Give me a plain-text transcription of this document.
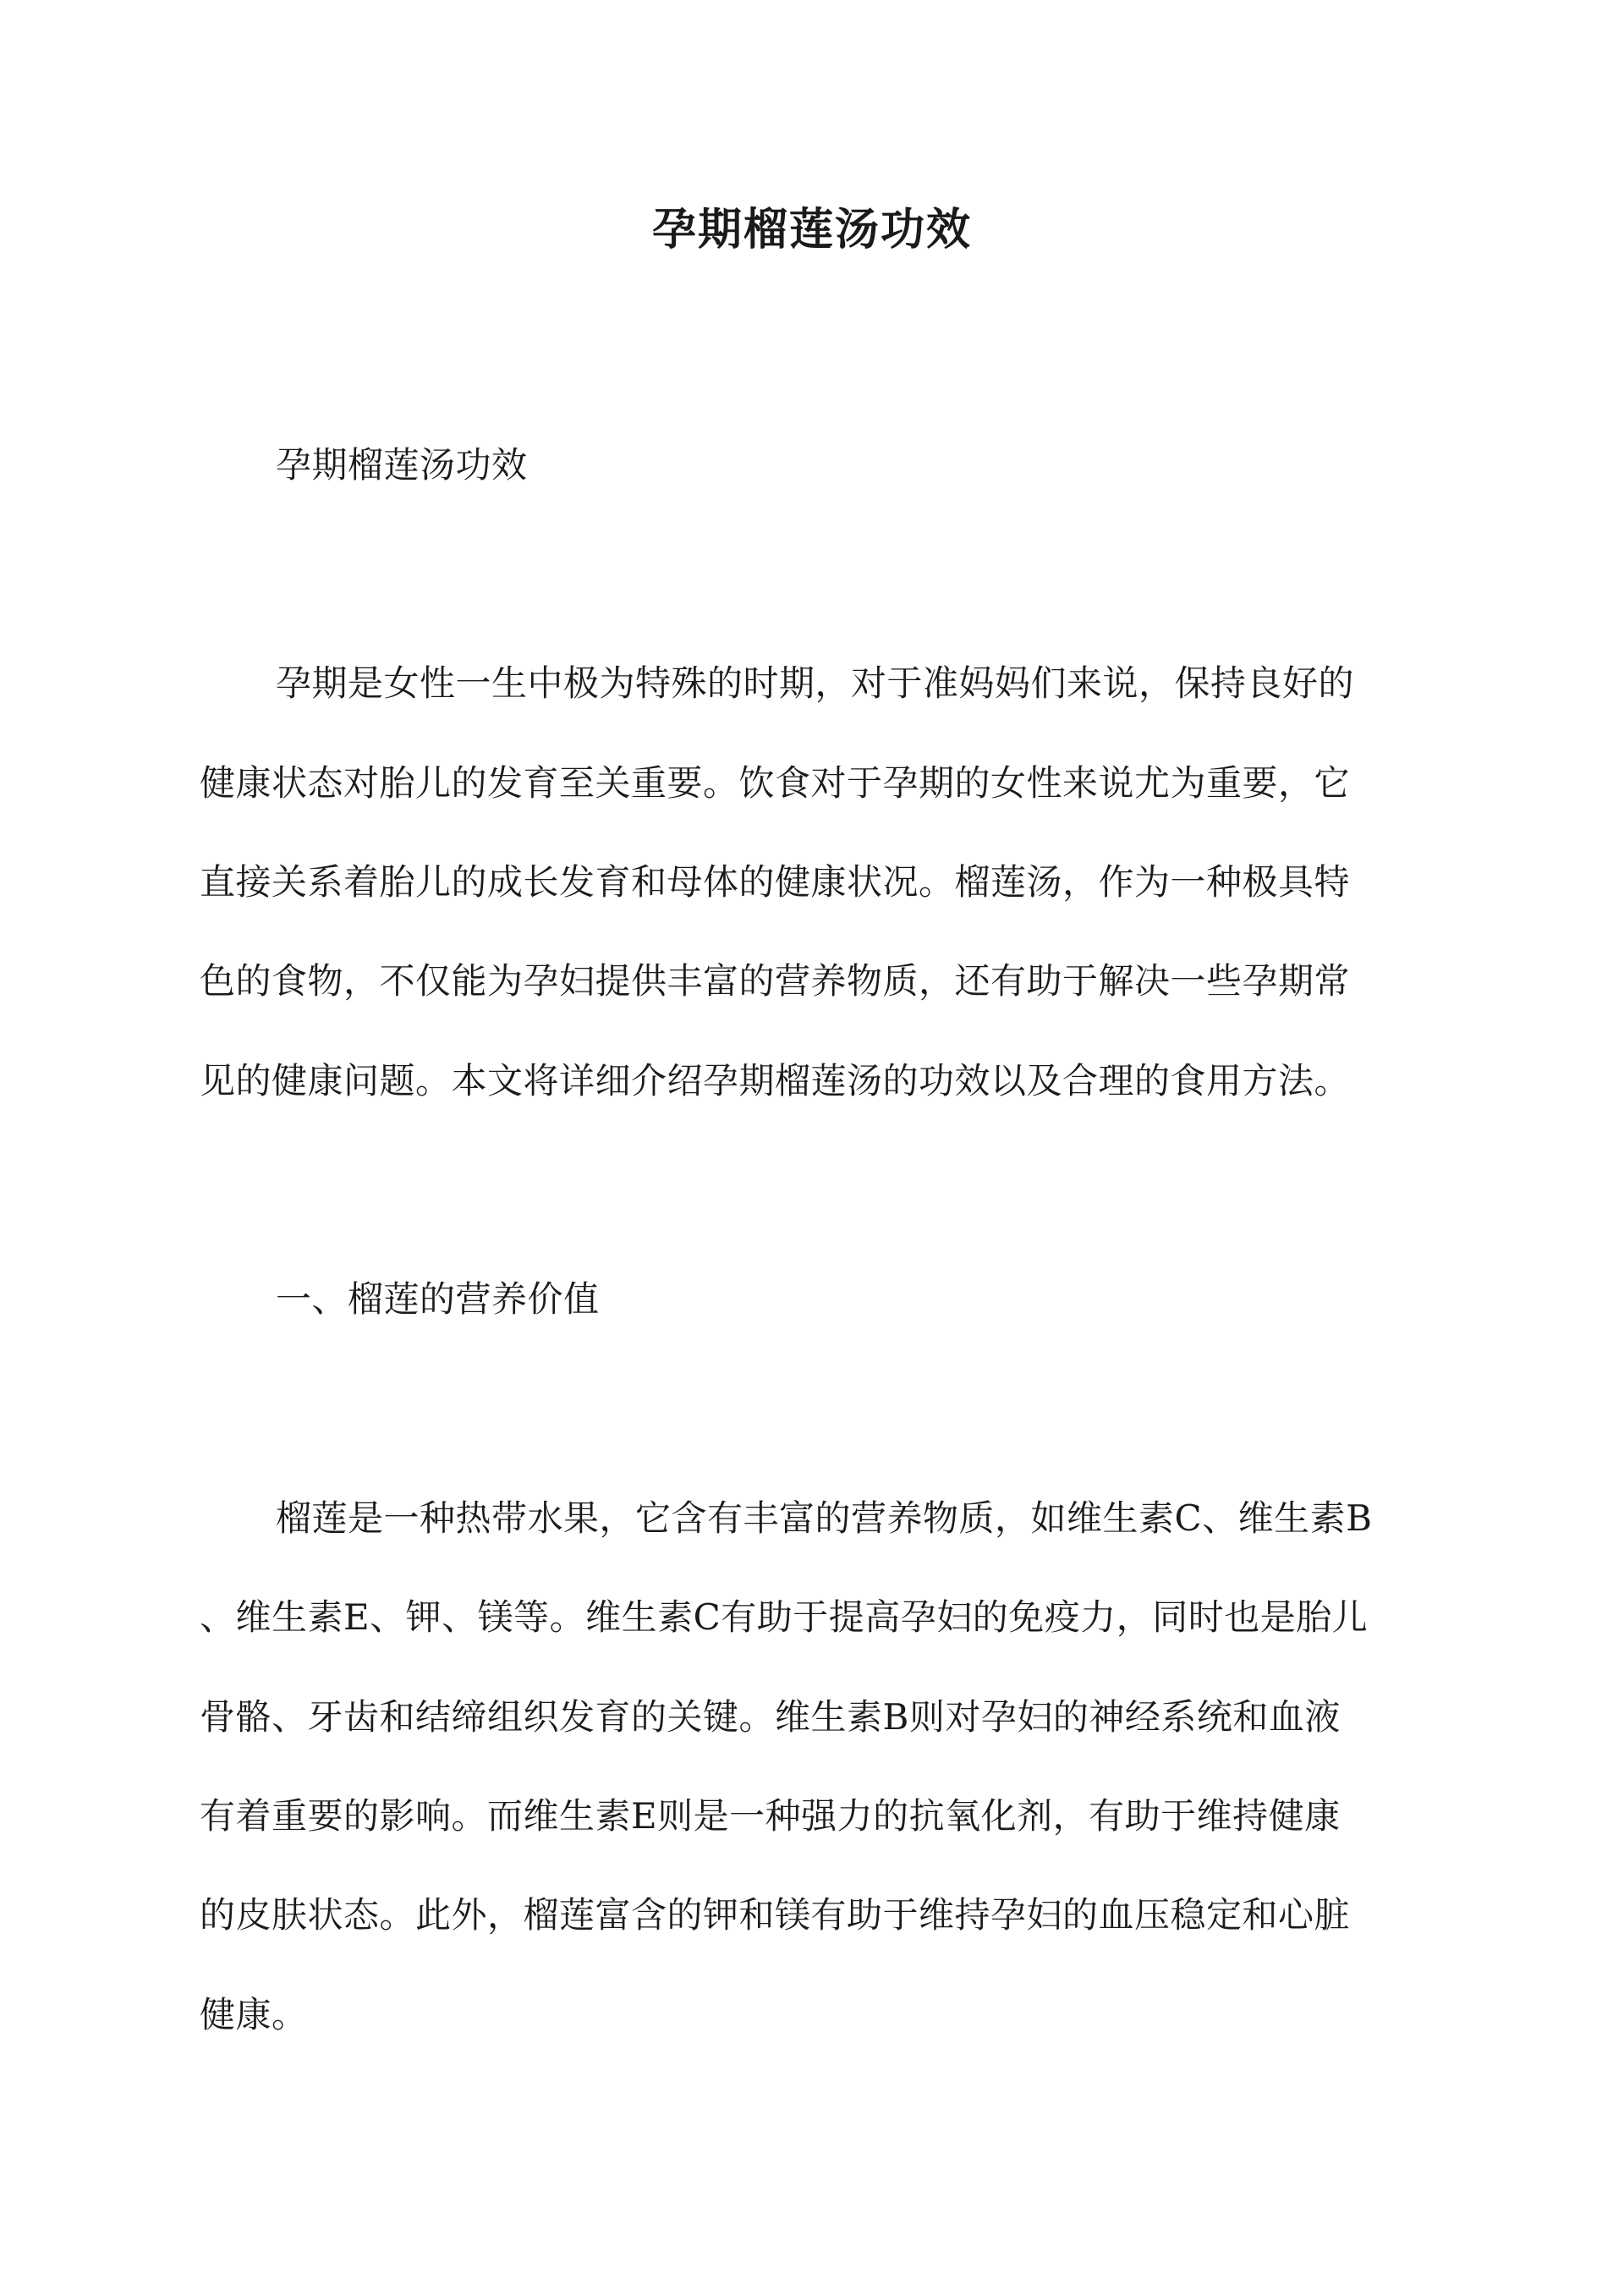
孕期榴莲汤功效

孕期榴莲汤功效

孕期是女性一生中极为特殊的时期，对于准妈妈们来说，保持良好的

健康状态对胎儿的发育至关重要。饮食对于孕期的女性来说尤为重要，它

直接关系着胎儿的成长发育和母体的健康状况。榴莲汤，作为一种极具特

色的食物，不仅能为孕妇提供丰富的营养物质，还有助于解决一些孕期常

见的健康问题。本文将详细介绍孕期榴莲汤的功效以及合理的食用方法。

一、榴莲的营养价值

榴莲是一种热带水果，它含有丰富的营养物质，如维生素C、维生素B

、维生素E、钾、镁等。维生素C有助于提高孕妇的免疫力，同时也是胎儿

骨骼、牙齿和结缔组织发育的关键。维生素B则对孕妇的神经系统和血液

有着重要的影响。而维生素E则是一种强力的抗氧化剂，有助于维持健康

的皮肤状态。此外，榴莲富含的钾和镁有助于维持孕妇的血压稳定和心脏

健康。
